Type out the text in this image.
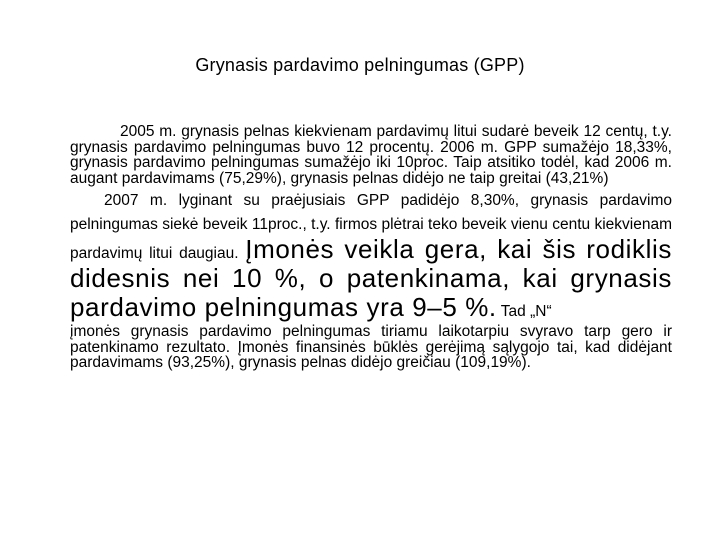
Grynasis pardavimo pelningumas (GPP)

2005 m. grynasis pelnas kiekvienam pardavimų litui sudarė beveik 12 centų, t.y. grynasis pardavimo pelningumas buvo 12 procentų. 2006 m. GPP sumažėjo 18,33%, grynasis pardavimo pelningumas sumažėjo iki 10proc. Taip atsitiko todėl, kad 2006 m. augant pardavimams (75,29%), grynasis pelnas didėjo ne taip greitai (43,21%)

2007 m. lyginant su praėjusiais GPP padidėjo 8,30%, grynasis pardavimo pelningumas siekė beveik 11proc., t.y. firmos plėtrai teko beveik vienu centu kiekvienam pardavimų litui daugiau. Įmonės veikla gera, kai šis rodiklis didesnis nei 10 %, o patenkinama, kai grynasis pardavimo pelningumas yra 9–5 %. Tad „N“

įmonės grynasis pardavimo pelningumas tiriamu laikotarpiu svyravo tarp gero ir patenkinamo rezultato. Įmonės finansinės būklės gerėjimą sąlygojo tai, kad didėjant pardavimams (93,25%), grynasis pelnas didėjo greičiau (109,19%).
